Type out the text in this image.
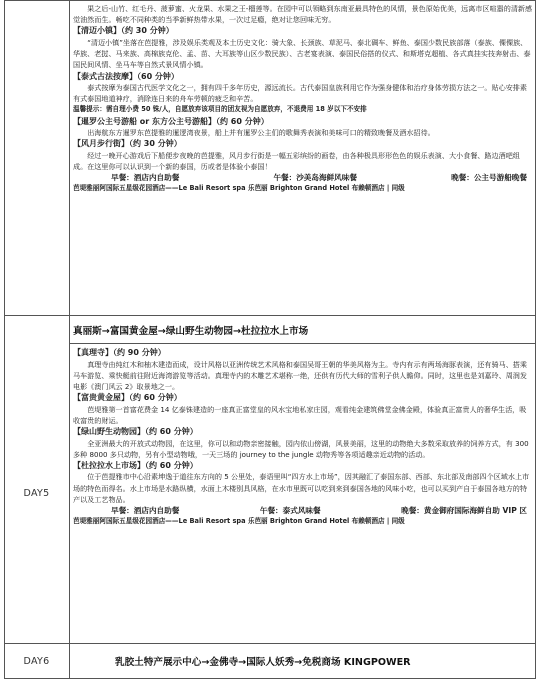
果之后-山竹、红毛丹、菠萝蜜、火龙果、水果之王-榴莲等。在园中可以领略到东南亚最具特色的风情，景色原始优美，远离市区喧嚣的清新感觉油然而生。畅吃不同种类的当季新鲜热带水果，一次过足瘾，绝对让您回味无穷。

【清迈小镇】（约 30 分钟）

“清迈小镇”坐落在芭提雅，涉及娱乐类观及本土历史文化：骑大象、长颈族、草泥马、泰北碉车、鲜鱼、泰国少数民族部落（泰族、傈傈族、华族、老挝、马来族、高棉族克伦、孟、苗、大耳族等山区少数民族）、古老宴表演、泰国民俗搭的仪式、和斯塔克超植、各式真挂实技奔射击、泰国民间风情、坐马车等自然式景风情小镇。

【泰式古法按摩】（60 分钟）

泰式按摩为泰国古代医学文化之一，拥有四千多年历史，源远流长。古代泰国皇族利用它作为强身健体和治疗身体劳损方法之一。贴心安排素有式泰国地道神疗，消除连日来的舟车劳顿的疲乏和辛苦。

温馨提示：需自理小费 50 铢/人，自愿放弃该项目的团友视为自愿放弃，不退费用 18 岁以下不安排

【暹罗公主号游船 or 东方公主号游船】（约 60 分钟）

出海航东方暹罗东芭提雅的暹逻湾夜景，船上并有暹罗公主们的歌舞秀表演和美味可口的精致晚餐及酒水招待。

【风月步行街】（约 30 分钟）

经过一晚开心游戏后下船便步夜晚的芭提雅，风月步行街是一幅五彩缤纷的画卷，由各种极具形形色色的娱乐表演、大小食餐、路边酒吧组成。在这里你可以认识到一个新的泰国，历或者是体验小泰国！

早餐：酒店内自助餐	午餐：沙美岛海鲜风味餐	晚餐：公主号游船晚餐

芭堤雅丽阿国际五星级花园酒店——Le Bali Resort spa 乐芭丽 Brighton Grand Hotel 布赖顿酒店 | 同级

DAY5
真丽斯→富国黄金屋→绿山野生动物园→杜拉拉水上市场

【真理寺】（约 90 分钟）

真理寺由纯红木和柚木建造而成，设计风格以亚洲传统艺术风格和泰国吴哥王朝的华美风格为主。寺内有示有两场海豚表演，还有骑马、搭乘马车游览、乘快艇前往附近海湾游览等活动。真理寺内的木雕艺术堪称一绝，还供有历代大师的雪利子供人瞻仰。同时，这里也是刘嘉玲、周润发电影《澳门风云 2》取景地之一。

【富贵黄金屋】（约 60 分钟）

芭堤雅第一首富花费金 14 亿泰铢建造的一座真正富堂皇的风水宝地私家庄园，观看纯金建筑佛堂金佛金殿，体验真正富贵人的奢华生活，吸收富贵的财运。

【绿山野生动物园】（约 60 分钟）

全亚洲最大的开放式动物园，在这里，你可以和动物亲密接触，园内依山傍湖，风景美丽，这里的动物绝大多数采取放养的饲养方式，有 300 多种 8000 多只动物，另有小型动物哦，一天三场的 journey to the jungle 动物秀等各项适趣亲近动物的活动。

【杜拉拉水上市场】（约 60 分钟）

位于芭提雅市中心沿素坤逸于道往东方向的 5 公里处，泰语里叫“四方水上市场”，因其融汇了泰国东部、西部、东北部及南部四个区域水上市场的特色而得名。水上市场是水路纵横，水面上木楼别具风格，在水市里既可以吃到来到泰国各地的风味小吃，也可以买到产自于泰国各地方的特产以及工艺物品。

早餐：酒店内自助餐	午餐：泰式风味餐	晚餐：黄金御府国际海鲜自助 VIP 区

芭堤雅丽阿国际五星级花园酒店——Le Bali Resort spa 乐芭丽 Brighton Grand Hotel 布赖顿酒店 | 同级

DAY6	乳胶土特产展示中心→金佛寺→国际人妖秀→免税商场 KINGPOWER
